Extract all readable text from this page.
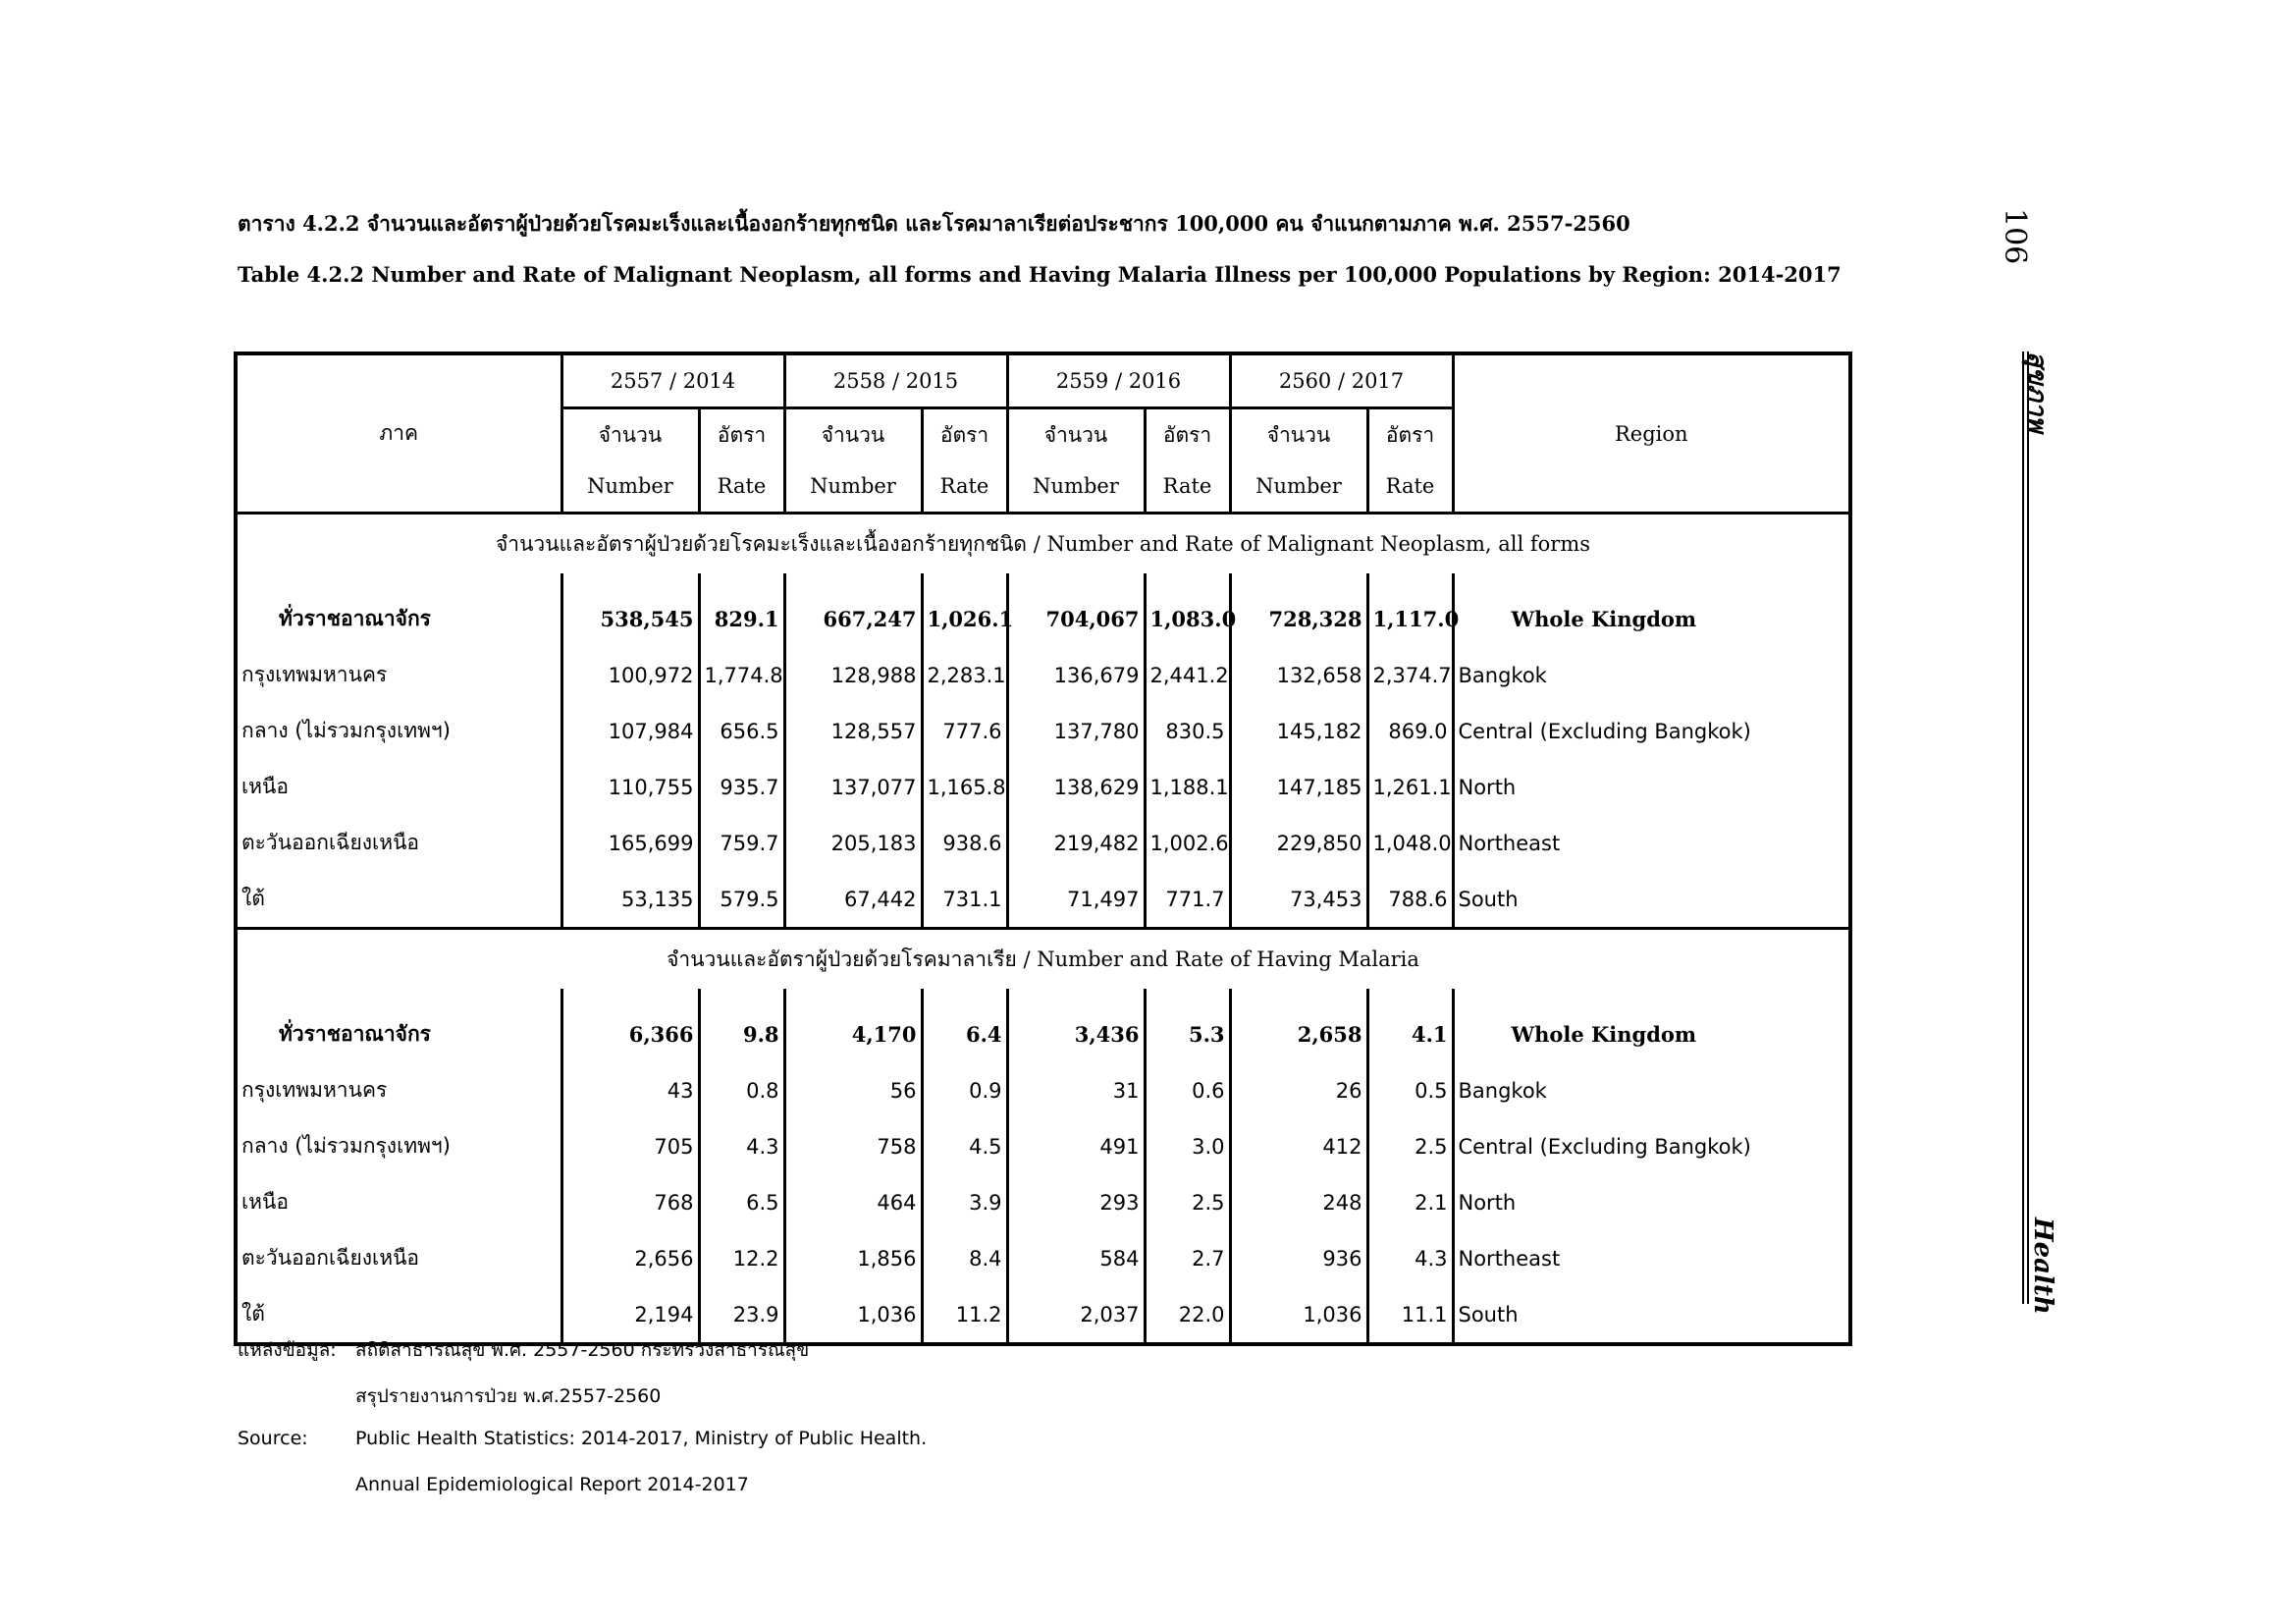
ตาราง 4.2.2 จำนวนและอัตราผู้ป่วยด้วยโรคมะเร็งและเนื้องอกร้ายทุกชนิด และโรคมาลาเรียต่อประชากร 100,000 คน จำแนกตามภาค พ.ศ. 2557-2560
Table 4.2.2 Number and Rate of Malignant Neoplasm, all forms and Having Malaria Illness per 100,000 Populations by Region: 2014-2017
106
สุขภาพ
Health
ภาค	2557 / 2014		2558 / 2015		2559 / 2016		2560 / 2017		Region
	จำนวน	อัตรา	จำนวน	อัตรา	จำนวน	อัตรา	จำนวน	อัตรา	
	Number	Rate	Number	Rate	Number	Rate	Number	Rate	
จำนวนและอัตราผู้ป่วยด้วยโรคมะเร็งและเนื้องอกร้ายทุกชนิด / Number and Rate of Malignant Neoplasm, all forms									
ทั่วราชอาณาจักร	538,545	829.1	667,247	1,026.1	704,067	1,083.0	728,328	1,117.0	Whole Kingdom
กรุงเทพมหานคร	100,972	1,774.8	128,988	2,283.1	136,679	2,441.2	132,658	2,374.7	Bangkok
กลาง (ไม่รวมกรุงเทพฯ)	107,984	656.5	128,557	777.6	137,780	830.5	145,182	869.0	Central (Excluding Bangkok)
เหนือ	110,755	935.7	137,077	1,165.8	138,629	1,188.1	147,185	1,261.1	North
ตะวันออกเฉียงเหนือ	165,699	759.7	205,183	938.6	219,482	1,002.6	229,850	1,048.0	Northeast
ใต้	53,135	579.5	67,442	731.1	71,497	771.7	73,453	788.6	South
จำนวนและอัตราผู้ป่วยด้วยโรคมาลาเรีย / Number and Rate of Having Malaria									
ทั่วราชอาณาจักร	6,366	9.8	4,170	6.4	3,436	5.3	2,658	4.1	Whole Kingdom
กรุงเทพมหานคร	43	0.8	56	0.9	31	0.6	26	0.5	Bangkok
กลาง (ไม่รวมกรุงเทพฯ)	705	4.3	758	4.5	491	3.0	412	2.5	Central (Excluding Bangkok)
เหนือ	768	6.5	464	3.9	293	2.5	248	2.1	North
ตะวันออกเฉียงเหนือ	2,656	12.2	1,856	8.4	584	2.7	936	4.3	Northeast
ใต้	2,194	23.9	1,036	11.2	2,037	22.0	1,036	11.1	South
แหล่งข้อมูล: สถิติสาธารณสุข พ.ศ. 2557-2560 กระทรวงสาธารณสุข
สรุปรายงานการป่วย พ.ศ.2557-2560
Source:	Public Health Statistics: 2014-2017, Ministry of Public Health.
Annual Epidemiological Report 2014-2017
